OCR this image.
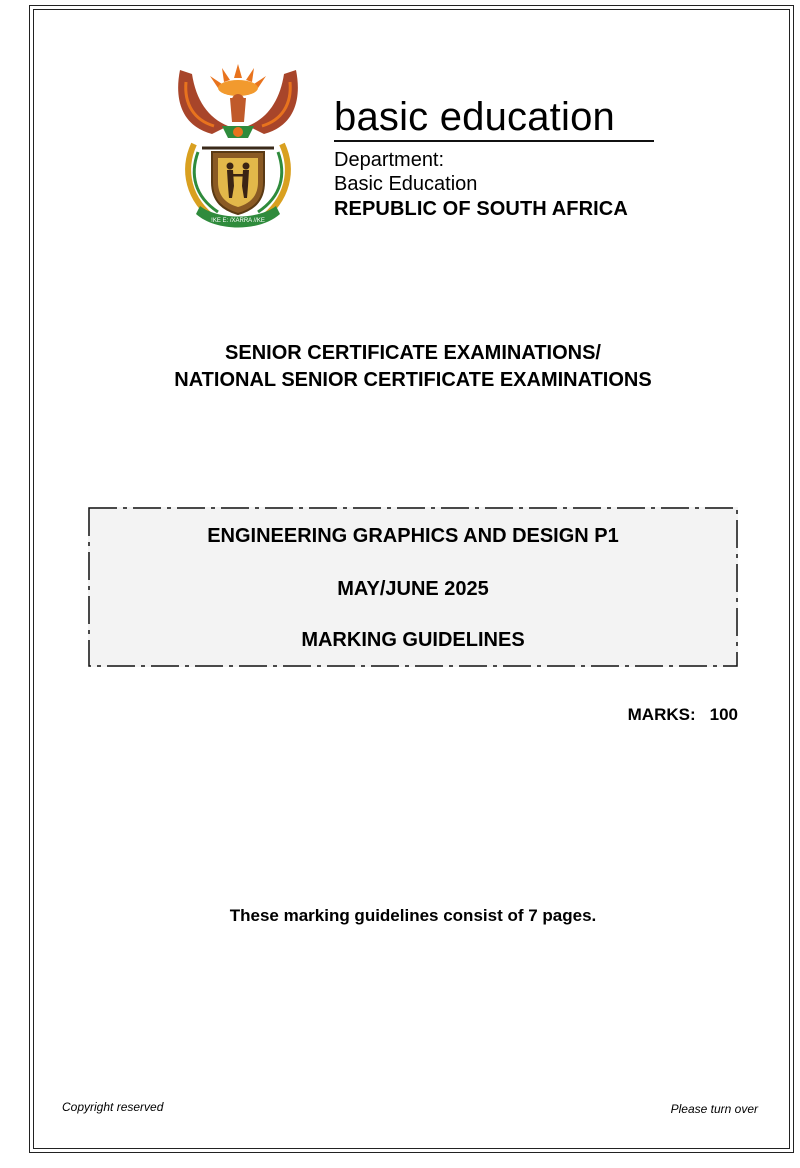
!KE E: /XARRA //KE
basic education
Department:
Basic Education
REPUBLIC OF SOUTH AFRICA
SENIOR CERTIFICATE EXAMINATIONS/
NATIONAL SENIOR CERTIFICATE EXAMINATIONS
ENGINEERING GRAPHICS AND DESIGN P1
MAY/JUNE 2025
MARKING GUIDELINES
MARKS: 100
These marking guidelines consist of 7 pages.
Copyright reserved	Please turn over
